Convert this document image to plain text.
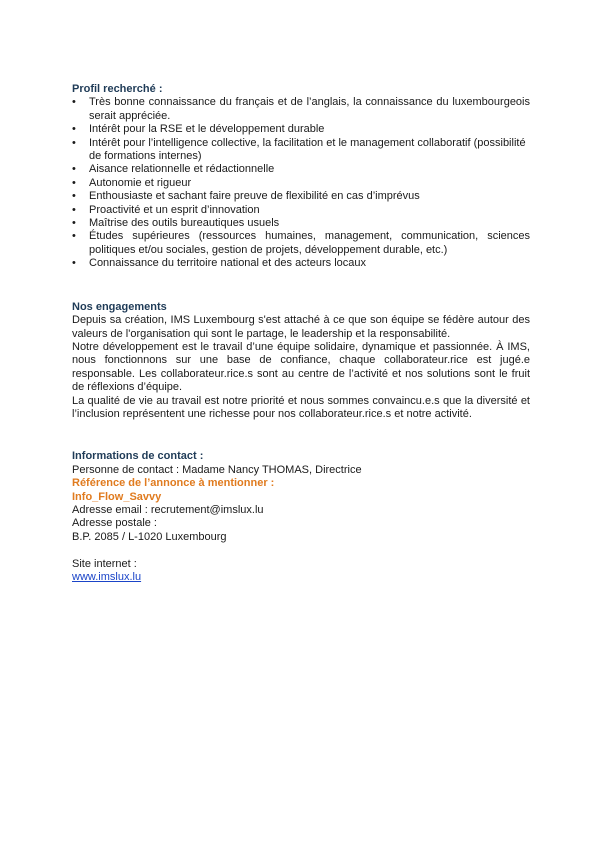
Profil recherché :

• Très bonne connaissance du français et de l’anglais, la connaissance du luxembourgeois serait appréciée.
• Intérêt pour la RSE et le développement durable
• Intérêt pour l’intelligence collective, la facilitation et le management collaboratif (possibilité de formations internes)
• Aisance relationnelle et rédactionnelle
• Autonomie et rigueur
• Enthousiaste et sachant faire preuve de flexibilité en cas d’imprévus
• Proactivité et un esprit d’innovation
• Maîtrise des outils bureautiques usuels
• Études supérieures (ressources humaines, management, communication, sciences politiques et/ou sociales, gestion de projets, développement durable, etc.)
• Connaissance du territoire national et des acteurs locaux

Nos engagements

Depuis sa création, IMS Luxembourg s'est attaché à ce que son équipe se fédère autour des valeurs de l'organisation qui sont le partage, le leadership et la responsabilité.

Notre développement est le travail d’une équipe solidaire, dynamique et passionnée. À IMS, nous fonctionnons sur une base de confiance, chaque collaborateur.rice est jugé.e responsable. Les collaborateur.rice.s sont au centre de l’activité et nos solutions sont le fruit de réflexions d’équipe.

La qualité de vie au travail est notre priorité et nous sommes convaincu.e.s que la diversité et l’inclusion représentent une richesse pour nos collaborateur.rice.s et notre activité.

Informations de contact :

Personne de contact : Madame Nancy THOMAS, Directrice

Référence de l’annonce à mentionner :

Info_Flow_Savvy

Adresse email : recrutement@imslux.lu

Adresse postale :

B.P. 2085 / L-1020 Luxembourg

Site internet :

www.imslux.lu
